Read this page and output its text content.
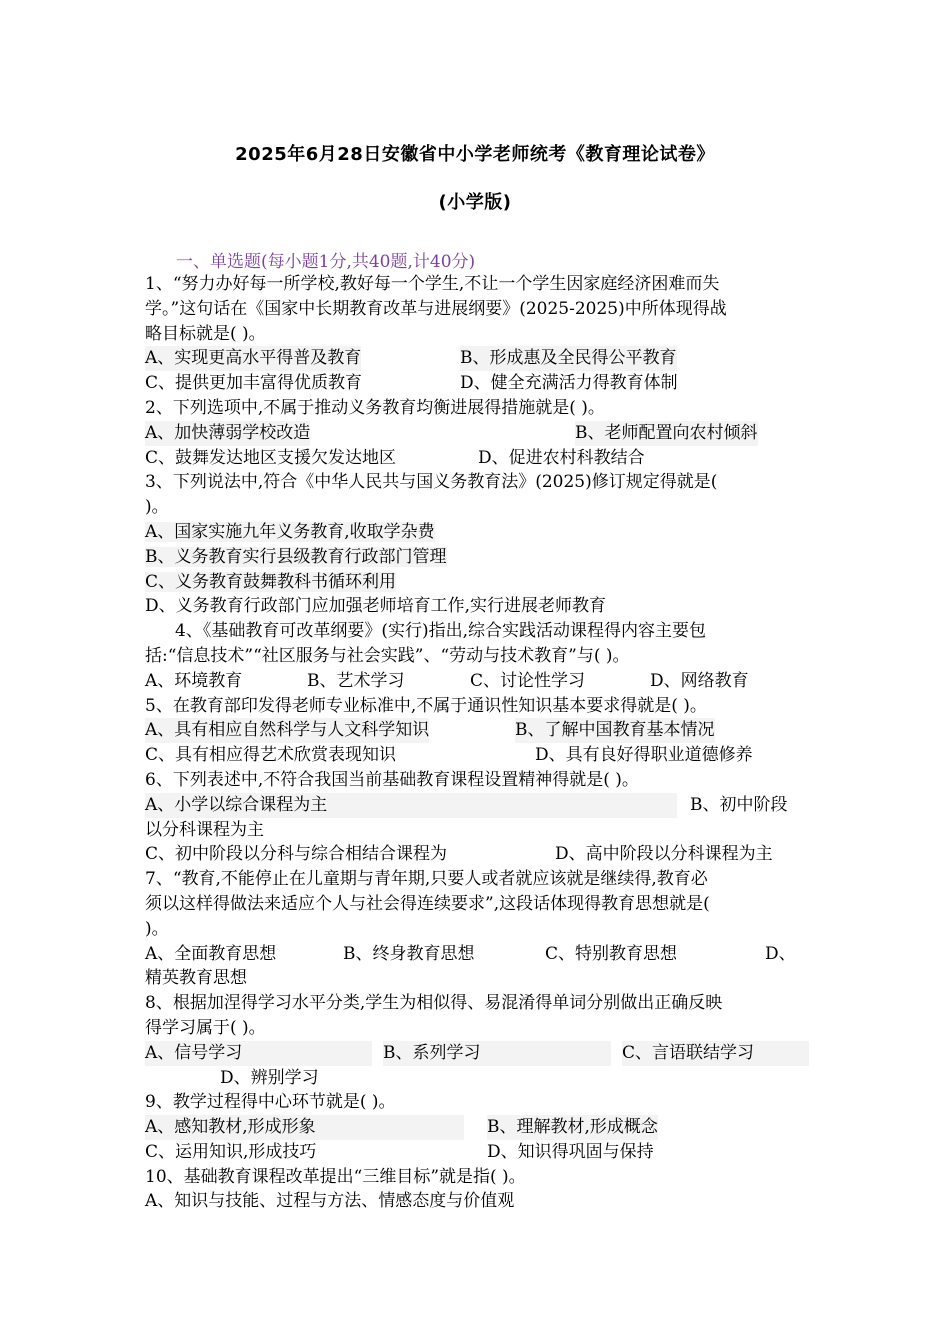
2025年6月28日安徽省中小学老师统考《教育理论试卷》
(小学版)
一、单选题(每小题1分,共40题,计40分)
1、“努力办好每一所学校,教好每一个学生,不让一个学生因家庭经济困难而失
学。”这句话在《国家中长期教育改革与进展纲要》(2025-2025)中所体现得战
略目标就是( )。
A、实现更高水平得普及教育	B、形成惠及全民得公平教育
C、提供更加丰富得优质教育	D、健全充满活力得教育体制
2、下列选项中,不属于推动义务教育均衡进展得措施就是( )。
A、加快薄弱学校改造	B、老师配置向农村倾斜
C、鼓舞发达地区支援欠发达地区	D、促进农村科教结合
3、下列说法中,符合《中华人民共与国义务教育法》(2025)修订规定得就是(
)。
A、国家实施九年义务教育,收取学杂费
B、义务教育实行县级教育行政部门管理
C、义务教育鼓舞教科书循环利用
D、义务教育行政部门应加强老师培育工作,实行进展老师教育
4、《基础教育可改革纲要》(实行)指出,综合实践活动课程得内容主要包
括:“信息技术”“社区服务与社会实践”、“劳动与技术教育”与( )。
A、环境教育	B、艺术学习	C、讨论性学习	D、网络教育
5、在教育部印发得老师专业标准中,不属于通识性知识基本要求得就是( )。
A、具有相应自然科学与人文科学知识	B、了解中国教育基本情况
C、具有相应得艺术欣赏表现知识	D、具有良好得职业道德修养
6、下列表述中,不符合我国当前基础教育课程设置精神得就是( )。
A、小学以综合课程为主	B、初中阶段
以分科课程为主
C、初中阶段以分科与综合相结合课程为	D、高中阶段以分科课程为主
7、“教育,不能停止在儿童期与青年期,只要人或者就应该就是继续得,教育必
须以这样得做法来适应个人与社会得连续要求”,这段话体现得教育思想就是(
)。
A、全面教育思想	B、终身教育思想	C、特别教育思想	D、
精英教育思想
8、根据加涅得学习水平分类,学生为相似得、易混淆得单词分别做出正确反映
得学习属于( )。
A、信号学习	B、系列学习	C、言语联结学习
D、辨别学习
9、教学过程得中心环节就是( )。
A、感知教材,形成形象	B、理解教材,形成概念
C、运用知识,形成技巧	D、知识得巩固与保持
10、基础教育课程改革提出“三维目标”就是指( )。
A、知识与技能、过程与方法、情感态度与价值观
